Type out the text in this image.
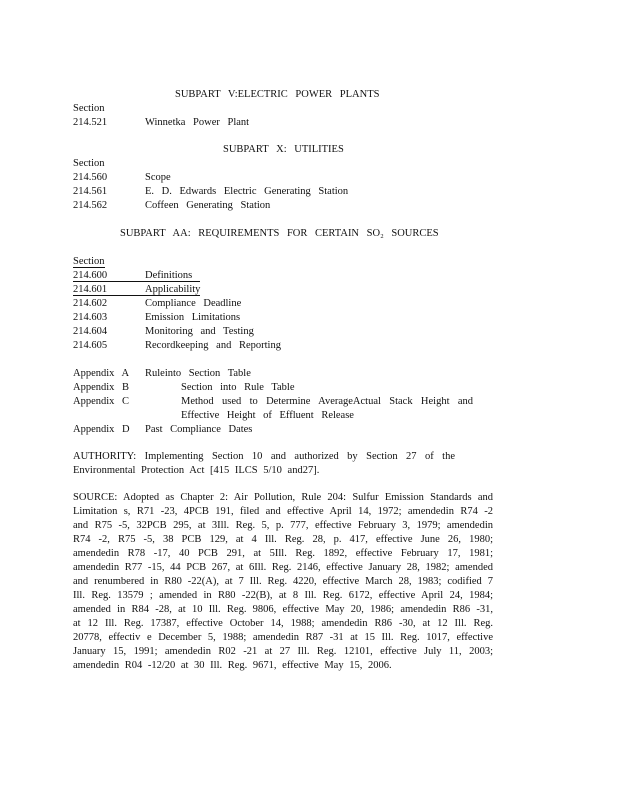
SUBPART V:ELECTRIC POWER PLANTS
Section
214.521	Winnetka Power Plant
SUBPART X: UTILITIES
Section
214.560	Scope
214.561	E. D. Edwards Electric Generating Station
214.562	Coffeen Generating Station
SUBPART AA: REQUIREMENTS FOR CERTAIN SO₂ SOURCES
Section
214.600	Definitions
214.601	Applicability
214.602	Compliance Deadline
214.603	Emission Limitations
214.604	Monitoring and Testing
214.605	Recordkeeping and Reporting
Appendix A Ruleinto Section Table
Appendix B	Section into Rule Table
Appendix C	Method used to Determine AverageActual Stack Height and Effective Height of Effluent Release
Appendix D Past Compliance Dates
AUTHORITY: Implementing Section 10 and authorized by Section 27 of the Environmental Protection Act [415 ILCS 5/10 and27].
SOURCE: Adopted as Chapter 2: Air Pollution, Rule 204: Sulfur Emission Standards and Limitation s, R71 -23, 4PCB 191, filed and effective April 14, 1972; amendedin R74 -2 and R75 -5, 32PCB 295, at 3Ill. Reg. 5, p. 777, effective February 3, 1979; amendedin R74 -2, R75 -5, 38 PCB 129, at 4 Ill. Reg. 28, p. 417, effective June 26, 1980; amendedin R78 -17, 40 PCB 291, at 5Ill. Reg. 1892, effective February 17, 1981; amendedin R77 -15, 44 PCB 267, at 6Ill. Reg. 2146, effective January 28, 1982; amended and renumbered in R80 -22(A), at 7 Ill. Reg. 4220, effective March 28, 1983; codified 7 Ill. Reg. 13579 ; amended in R80 -22(B), at 8 Ill. Reg. 6172, effective April 24, 1984; amended in R84 -28, at 10 Ill. Reg. 9806, effective May 20, 1986; amendedin R86 -31, at 12 Ill. Reg. 17387, effective October 14, 1988; amendedin R86 -30, at 12 Ill. Reg. 20778, effectiv e December 5, 1988; amendedin R87 -31 at 15 Ill. Reg. 1017, effective January 15, 1991; amendedin R02 -21 at 27 Ill. Reg. 12101, effective July 11, 2003; amendedin R04 -12/20 at 30 Ill. Reg. 9671, effective May 15, 2006.
